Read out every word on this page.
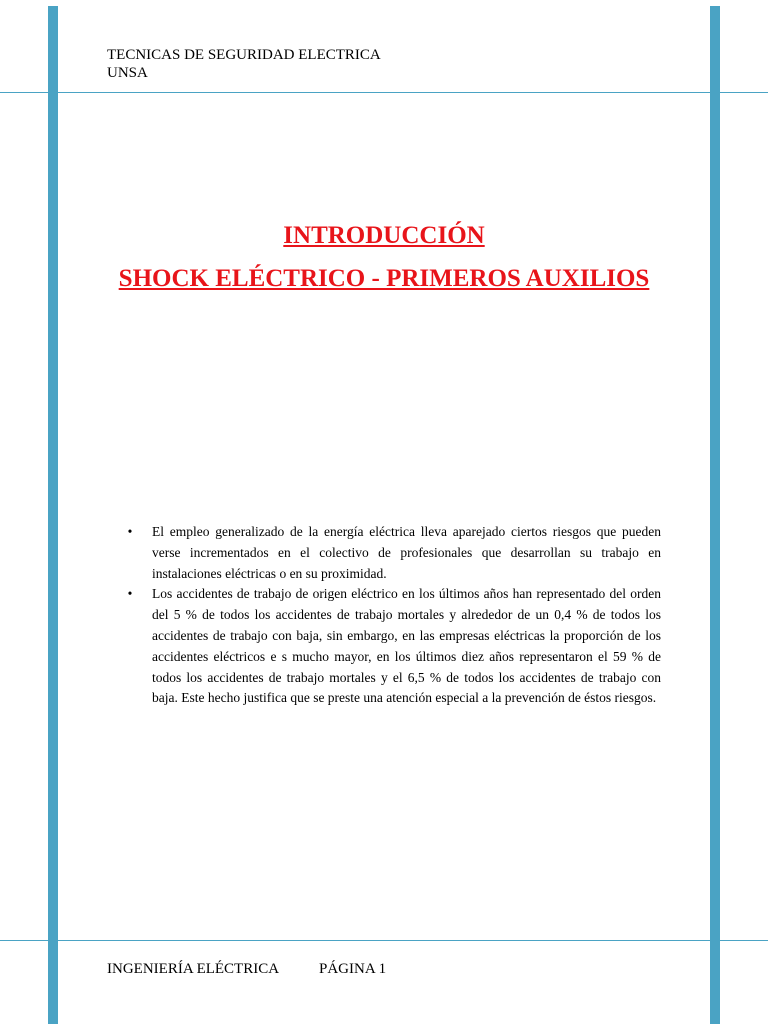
TECNICAS DE SEGURIDAD ELECTRICA
UNSA
INTRODUCCIÓN
SHOCK ELÉCTRICO - PRIMEROS AUXILIOS
• El empleo generalizado de la energía eléctrica lleva aparejado ciertos riesgos que pueden verse incrementados en el colectivo de profesionales que desarrollan su trabajo en instalaciones eléctricas o en su proximidad.
• Los accidentes de trabajo de origen eléctrico en los últimos años han representado del orden del 5 % de todos los accidentes de trabajo mortales y alrededor de un 0,4 % de todos los accidentes de trabajo con baja, sin embargo, en las empresas eléctricas la proporción de los accidentes eléctricos e s mucho mayor, en los últimos diez años representaron el 59 % de todos los accidentes de trabajo mortales y el 6,5 % de todos los accidentes de trabajo con baja. Este hecho justifica que se preste una atención especial a la prevención de éstos riesgos.
INGENIERÍA ELÉCTRICA	PÁGINA 1
